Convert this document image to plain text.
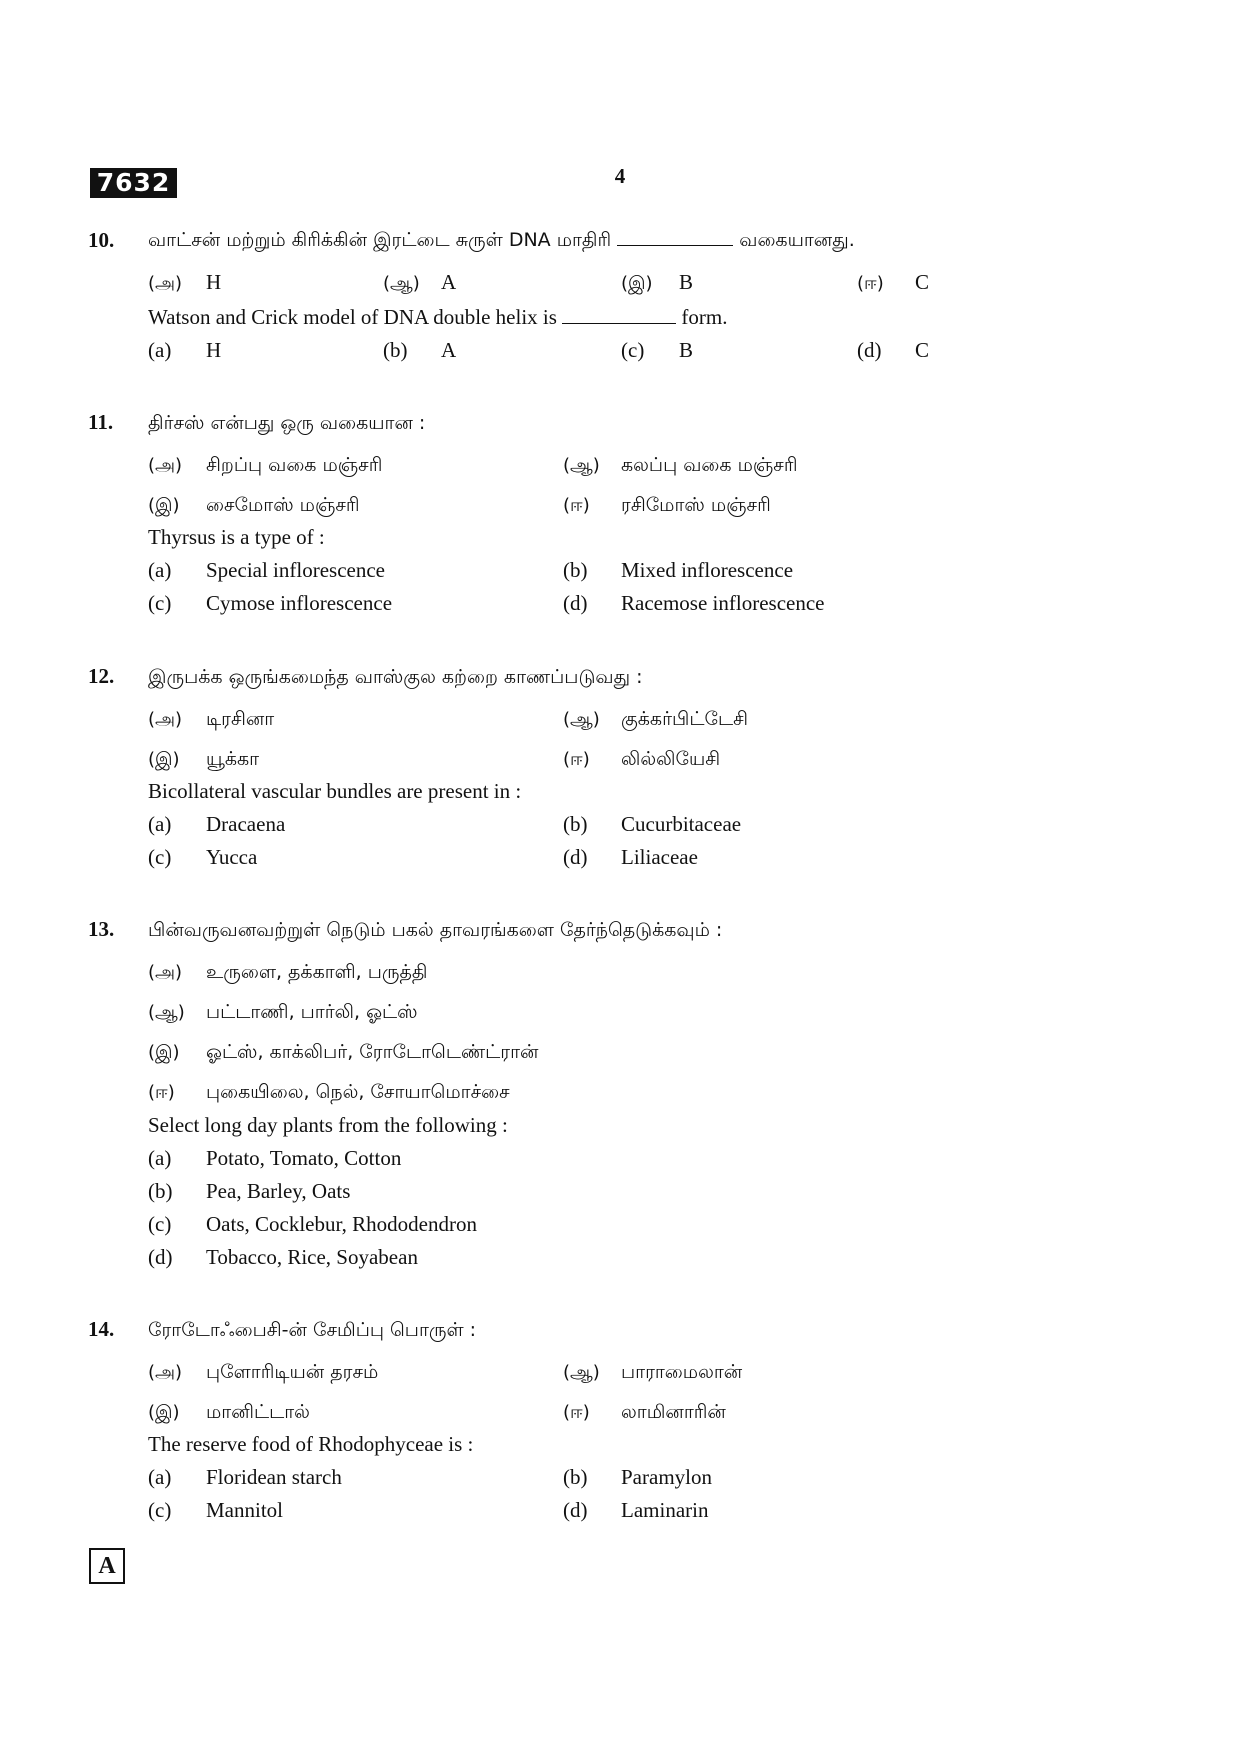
7632	4
10. வாட்சன் மற்றும் கிரிக்கின் இரட்டை சுருள் DNA மாதிரி	வகையானது.
(அ) H	(ஆ) A	(இ) B	(ஈ) C
Watson and Crick model of DNA double helix is	form.
(a) H	(b) A	(c) B	(d) C
11. திர்சஸ் என்பது ஒரு வகையான :
(அ) சிறப்பு வகை மஞ்சரி	(ஆ) கலப்பு வகை மஞ்சரி
(இ) சைமோஸ் மஞ்சரி	(ஈ) ரசிமோஸ் மஞ்சரி
Thyrsus is a type of :
(a) Special inflorescence	(b) Mixed inflorescence
(c) Cymose inflorescence	(d) Racemose inflorescence
12. இருபக்க ஒருங்கமைந்த வாஸ்குல கற்றை காணப்படுவது :
(அ) டிரசினா	(ஆ) குக்கர்பிட்டேசி
(இ) யூக்கா	(ஈ) லில்லியேசி
Bicollateral vascular bundles are present in :
(a) Dracaena	(b) Cucurbitaceae
(c) Yucca	(d) Liliaceae
13. பின்வருவனவற்றுள் நெடும் பகல் தாவரங்களை தேர்ந்தெடுக்கவும் :
(அ) உருளை, தக்காளி, பருத்தி
(ஆ) பட்டாணி, பார்லி, ஓட்ஸ்
(இ) ஓட்ஸ், காக்லிபர், ரோடோடெண்ட்ரான்
(ஈ) புகையிலை, நெல், சோயாமொச்சை
Select long day plants from the following :
(a) Potato, Tomato, Cotton
(b) Pea, Barley, Oats
(c) Oats, Cocklebur, Rhododendron
(d) Tobacco, Rice, Soyabean
14. ரோடோஃபைசி-ன் சேமிப்பு பொருள் :
(அ) புளோரிடியன் தரசம்	(ஆ) பாராமைலான்
(இ) மானிட்டால்	(ஈ) லாமினாரின்
The reserve food of Rhodophyceae is :
(a) Floridean starch	(b) Paramylon
(c) Mannitol	(d) Laminarin
A
